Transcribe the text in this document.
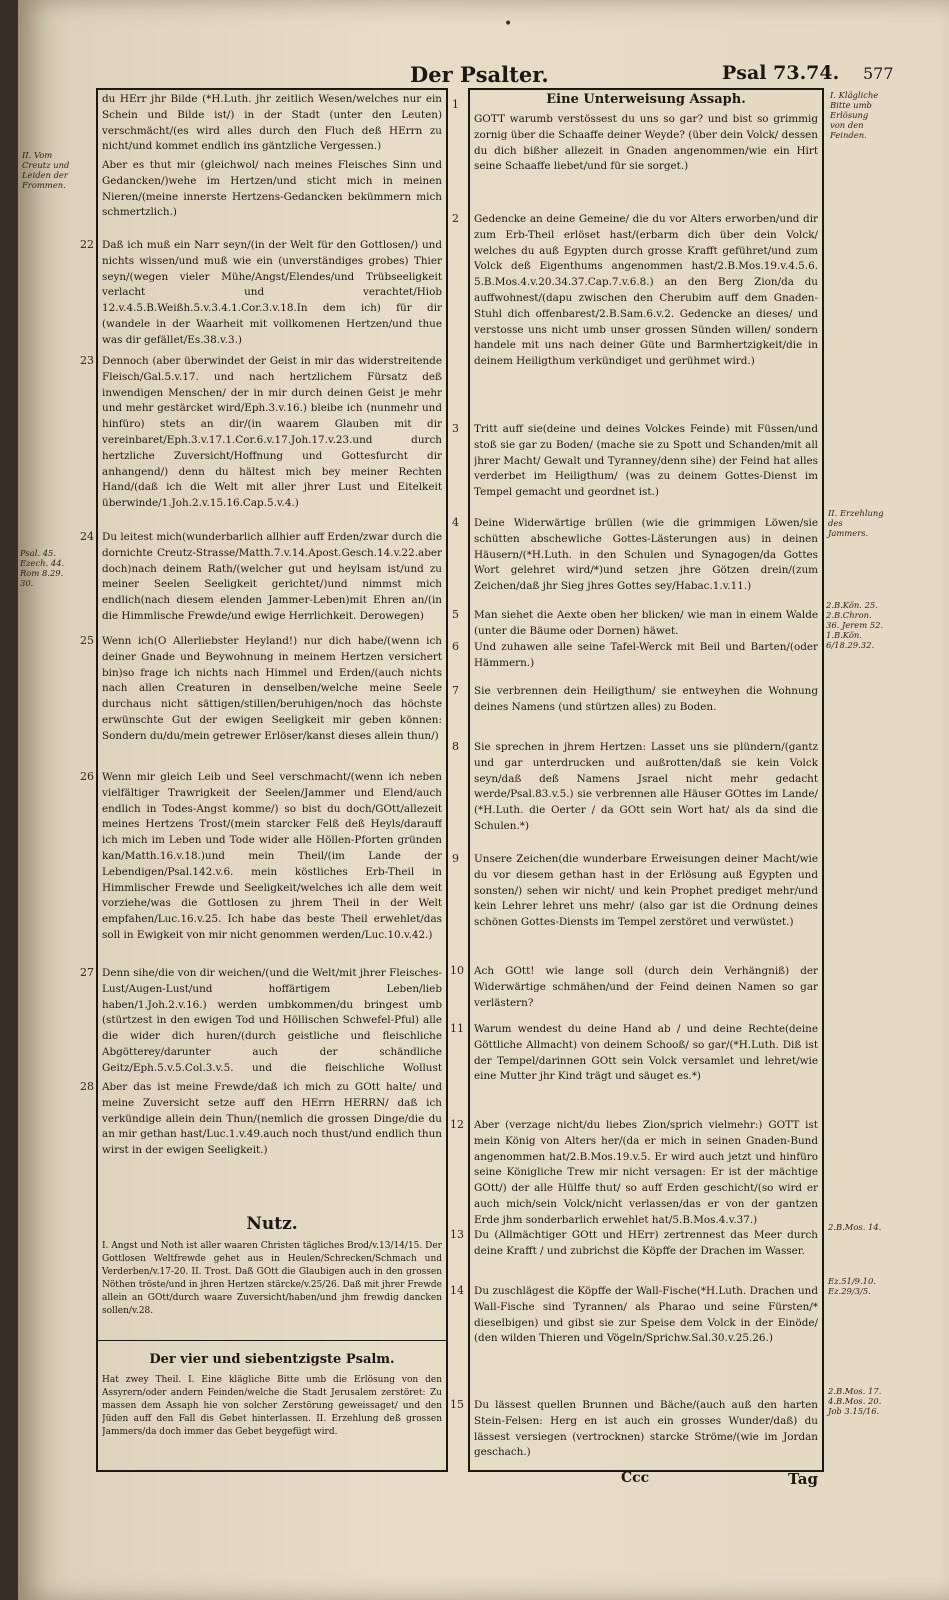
•
Der Psalter.	Psal 73.74. 577
II. Vom Creutz und Leiden der Frommen.
Psal. 45. Ezech. 44. Rom 8.29. 30.
22
23
24
25
26
27
28
1
2
3
4
5
6
7
8
9
10
11
12
13
14
15
du HErr jhr Bilde (*H.Luth. jhr zeitlich Wesen/welches nur ein Schein und Bilde ist/) in der Stadt (unter den Leuten) verschmächt/(es wird alles durch den Fluch deß HErrn zu nicht/und kommet endlich ins gäntzliche Vergessen.)
Aber es thut mir (gleichwol/ nach meines Fleisches Sinn und Gedancken/)wehe im Hertzen/und sticht mich in meinen Nieren/(meine innerste Hertzens-Gedancken bekümmern mich schmertzlich.)
Daß ich muß ein Narr seyn/(in der Welt für den Gottlosen/) und nichts wissen/und muß wie ein (unverständiges grobes) Thier seyn/(wegen vieler Mühe/Angst/Elendes/und Trübseeligkeit verlacht und verachtet/Hiob 12.v.4.5.B.Weißh.5.v.3.4.1.Cor.3.v.18.In dem ich) für dir (wandele in der Waarheit mit vollkomenen Hertzen/und thue was dir gefället/Es.38.v.3.)
Dennoch (aber überwindet der Geist in mir das widerstreitende Fleisch/Gal.5.v.17. und nach hertzlichem Fürsatz deß inwendigen Menschen/ der in mir durch deinen Geist je mehr und mehr gestärcket wird/Eph.3.v.16.) bleibe ich (nunmehr und hinfüro) stets an dir/(in waarem Glauben mit dir vereinbaret/Eph.3.v.17.1.Cor.6.v.17.Joh.17.v.23.und durch hertzliche Zuversicht/Hoffnung und Gottesfurcht dir anhangend/) denn du hältest mich bey meiner Rechten Hand/(daß ich die Welt mit aller jhrer Lust und Eitelkeit überwinde/1.Joh.2.v.15.16.Cap.5.v.4.)
Du leitest mich(wunderbarlich allhier auff Erden/zwar durch die dornichte Creutz-Strasse/Matth.7.v.14.Apost.Gesch.14.v.22.aber doch)nach deinem Rath/(welcher gut und heylsam ist/und zu meiner Seelen Seeligkeit gerichtet/)und nimmst mich endlich(nach diesem elenden Jammer-Leben)mit Ehren an/(in die Himmlische Frewde/und ewige Herrlichkeit. Derowegen)
Wenn ich(O Allerliebster Heyland!) nur dich habe/(wenn ich deiner Gnade und Beywohnung in meinem Hertzen versichert bin)so frage ich nichts nach Himmel und Erden/(auch nichts nach allen Creaturen in denselben/welche meine Seele durchaus nicht sättigen/stillen/beruhigen/noch das höchste erwünschte Gut der ewigen Seeligkeit mir geben können: Sondern du/du/mein getrewer Erlöser/kanst dieses allein thun/)
Wenn mir gleich Leib und Seel verschmacht/(wenn ich neben vielfältiger Trawrigkeit der Seelen/Jammer und Elend/auch endlich in Todes-Angst komme/) so bist du doch/GOtt/allezeit meines Hertzens Trost/(mein starcker Felß deß Heyls/darauff ich mich im Leben und Tode wider alle Höllen-Pforten gründen kan/Matth.16.v.18.)und mein Theil/(im Lande der Lebendigen/Psal.142.v.6. mein köstliches Erb-Theil in Himmlischer Frewde und Seeligkeit/welches ich alle dem weit vorziehe/was die Gottlosen zu jhrem Theil in der Welt empfahen/Luc.16.v.25. Ich habe das beste Theil erwehlet/das soll in Ewigkeit von mir nicht genommen werden/Luc.10.v.42.)
Denn sihe/die von dir weichen/(und die Welt/mit jhrer Fleisches-Lust/Augen-Lust/und hoffärtigem Leben/lieb haben/1.Joh.2.v.16.) werden umbkommen/du bringest umb (stürtzest in den ewigen Tod und Höllischen Schwefel-Pful) alle die wider dich huren/(durch geistliche und fleischliche Abgötterey/darunter auch der schändliche Geitz/Eph.5.v.5.Col.3.v.5. und die fleischliche Wollust
Aber das ist meine Frewde/daß ich mich zu GOtt halte/ und meine Zuversicht setze auff den HErrn HERRN/ daß ich verkündige allein dein Thun/(nemlich die grossen Dinge/die du an mir gethan hast/Luc.1.v.49.auch noch thust/und endlich thun wirst in der ewigen Seeligkeit.)
Nutz.
I. Angst und Noth ist aller waaren Christen tägliches Brod/v.13/14/15. Der Gottlosen Weltfrewde gehet aus in Heulen/Schrecken/Schmach und Verderben/v.17-20. II. Trost. Daß GOtt die Glaubigen auch in den grossen Nöthen tröste/und in jhren Hertzen stärcke/v.25/26. Daß mit jhrer Frewde allein an GOtt/durch waare Zuversicht/haben/und jhm frewdig dancken sollen/v.28.
Der vier und siebentzigste Psalm.
Hat zwey Theil. I. Eine klägliche Bitte umb die Erlösung von den Assyrern/oder andern Feinden/welche die Stadt Jerusalem zerstöret: Zu massen dem Assaph hie von solcher Zerstörung geweissaget/ und den Jüden auff den Fall dis Gebet hinterlassen. II. Erzehlung deß grossen Jammers/da doch immer das Gebet beygefügt wird.
Eine Unterweisung Assaph.
GOTT warumb verstössest du uns so gar? und bist so grimmig zornig über die Schaaffe deiner Weyde? (über dein Volck/ dessen du dich bißher allezeit in Gnaden angenommen/wie ein Hirt seine Schaaffe liebet/und für sie sorget.)
Gedencke an deine Gemeine/ die du vor Alters erworben/und dir zum Erb-Theil erlöset hast/(erbarm dich über dein Volck/ welches du auß Egypten durch grosse Krafft geführet/und zum Volck deß Eigenthums angenommen hast/2.B.Mos.19.v.4.5.6. 5.B.Mos.4.v.20.34.37.Cap.7.v.6.8.) an den Berg Zion/da du auffwohnest/(dapu zwischen den Cherubim auff dem Gnaden-Stuhl dich offenbarest/2.B.Sam.6.v.2. Gedencke an dieses/ und verstosse uns nicht umb unser grossen Sünden willen/ sondern handele mit uns nach deiner Güte und Barmhertzigkeit/die in deinem Heiligthum verkündiget und gerühmet wird.)
Tritt auff sie(deine und deines Volckes Feinde) mit Füssen/und stoß sie gar zu Boden/ (mache sie zu Spott und Schanden/mit all jhrer Macht/ Gewalt und Tyranney/denn sihe) der Feind hat alles verderbet im Heiligthum/ (was zu deinem Gottes-Dienst im Tempel gemacht und geordnet ist.)
Deine Widerwärtige brüllen (wie die grimmigen Löwen/sie schütten abschewliche Gottes-Lästerungen aus) in deinen Häusern/(*H.Luth. in den Schulen und Synagogen/da Gottes Wort gelehret wird/*)und setzen jhre Götzen drein/(zum Zeichen/daß jhr Sieg jhres Gottes sey/Habac.1.v.11.)
Man siehet die Aexte oben her blicken/ wie man in einem Walde (unter die Bäume oder Dornen) häwet.
Und zuhawen alle seine Tafel-Werck mit Beil und Barten/(oder Hämmern.)
Sie verbrennen dein Heiligthum/ sie entweyhen die Wohnung deines Namens (und stürtzen alles) zu Boden.
Sie sprechen in jhrem Hertzen: Lasset uns sie plündern/(gantz und gar unterdrucken und außrotten/daß sie kein Volck seyn/daß deß Namens Jsrael nicht mehr gedacht werde/Psal.83.v.5.) sie verbrennen alle Häuser GOttes im Lande/ (*H.Luth. die Oerter / da GOtt sein Wort hat/ als da sind die Schulen.*)
Unsere Zeichen(die wunderbare Erweisungen deiner Macht/wie du vor diesem gethan hast in der Erlösung auß Egypten und sonsten/) sehen wir nicht/ und kein Prophet prediget mehr/und kein Lehrer lehret uns mehr/ (also gar ist die Ordnung deines schönen Gottes-Diensts im Tempel zerstöret und verwüstet.)
Ach GOtt! wie lange soll (durch dein Verhängniß) der Widerwärtige schmähen/und der Feind deinen Namen so gar verlästern?
Warum wendest du deine Hand ab / und deine Rechte(deine Göttliche Allmacht) von deinem Schooß/ so gar/(*H.Luth. Diß ist der Tempel/darinnen GOtt sein Volck versamlet und lehret/wie eine Mutter jhr Kind trägt und säuget es.*)
Aber (verzage nicht/du liebes Zion/sprich vielmehr:) GOTT ist mein König von Alters her/(da er mich in seinen Gnaden-Bund angenommen hat/2.B.Mos.19.v.5. Er wird auch jetzt und hinfüro seine Königliche Trew mir nicht versagen: Er ist der mächtige GOtt/) der alle Hülffe thut/ so auff Erden geschicht/(so wird er auch mich/sein Volck/nicht verlassen/das er von der gantzen Erde jhm sonderbarlich erwehlet hat/5.B.Mos.4.v.37.)
Du (Allmächtiger GOtt und HErr) zertrennest das Meer durch deine Krafft / und zubrichst die Köpffe der Drachen im Wasser.
Du zuschlägest die Köpffe der Wall-Fische(*H.Luth. Drachen und Wall-Fische sind Tyrannen/ als Pharao und seine Fürsten/* dieselbigen) und gibst sie zur Speise dem Volck in der Einöde/ (den wilden Thieren und Vögeln/Sprichw.Sal.30.v.25.26.)
Du lässest quellen Brunnen und Bäche/(auch auß den harten Stein-Felsen: Herg en ist auch ein grosses Wunder/daß) du lässest versiegen (vertrocknen) starcke Ströme/(wie im Jordan geschach.)
I. Klägliche Bitte umb Erlösung von den Feinden.
II. Erzehlung des Jammers.
2.B.Kön. 25. 2.B.Chron. 36. Jerem 52. 1.B.Kön. 6/18.29.32.
2.B.Mos. 14.
Ez.51/9.10. Ez.29/3/5.
2.B.Mos. 17. 4.B.Mos. 20. Job 3.15/16.
Ccc	Tag
